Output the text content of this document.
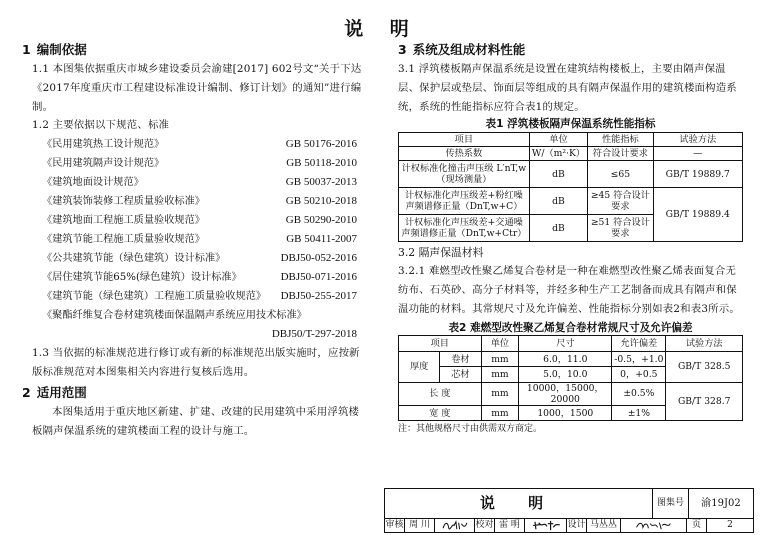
说 明
1 编制依据

1.1 本图集依据重庆市城乡建设委员会渝建[2017] 602号文“关于下达《2017年度重庆市工程建设标准设计编制、修订计划》的通知”进行编制。

1.2 主要依据以下规范、标准

《民用建筑热工设计规范》	GB 50176-2016
《民用建筑隔声设计规范》	GB 50118-2010
《建筑地面设计规范》	GB 50037-2013
《建筑装饰装修工程质量验收标准》	GB 50210-2018
《建筑地面工程施工质量验收规范》	GB 50290-2010
《建筑节能工程施工质量验收规范》	GB 50411-2007
《公共建筑节能（绿色建筑）设计标准》	DBJ50-052-2016
《居住建筑节能65%(绿色建筑）设计标准》	DBJ50-071-2016
《建筑节能（绿色建筑）工程施工质量验收规范》 DBJ50-255-2017
《聚酯纤维复合卷材建筑楼面保温隔声系统应用技术标准》
DBJ50/T-297-2018

1.3 当依据的标准规范进行修订或有新的标准规范出版实施时，应按新版标准规范对本图集相关内容进行复核后选用。

2 适用范围

本图集适用于重庆地区新建、扩建、改建的民用建筑中采用浮筑楼板隔声保温系统的建筑楼面工程的设计与施工。

3 系统及组成材料性能

3.1 浮筑楼板隔声保温系统是设置在建筑结构楼板上，主要由隔声保温层、保护层或垫层、饰面层等组成的具有隔声保温作用的建筑楼面构造系统，系统的性能指标应符合表1的规定。

表1 浮筑楼板隔声保温系统性能指标

项目	单位	性能指标	试验方法
传热系数	W/（m²·K）	符合设计要求	—
计权标准化撞击声压级 L′nT,w（现场测量）	dB	≤65	GB/T 19889.7
计权标准化声压级差+粉红噪声频谱修正量（DnT,w+C）	dB	≥45 符合设计要求	GB/T 19889.4
计权标准化声压级差+交通噪声频谱修正量（DnT,w+Ctr）	dB	≥51 符合设计要求	

3.2 隔声保温材料

3.2.1 难燃型改性聚乙烯复合卷材是一种在难燃型改性聚乙烯表面复合无纺布、石英砂、高分子材料等，并经多种生产工艺制备而成具有隔声和保温功能的材料。其常规尺寸及允许偏差、性能指标分别如表2和表3所示。

表2 难燃型改性聚乙烯复合卷材常规尺寸及允许偏差

项目		单位	尺寸	允许偏差	试验方法
厚度	卷材	mm	6.0，11.0	-0.5，+1.0	GB/T 328.5
	芯材	mm	5.0，10.0	0，+0.5	
长 度		mm	10000，15000，20000	±0.5%	GB/T 328.7
宽 度		mm	1000，1500	±1%	

注：其他规格尺寸由供需双方商定。

说 明	图集号	渝19J02
审核 周 川	校对 雷 明	设计 马丛丛	页	2
